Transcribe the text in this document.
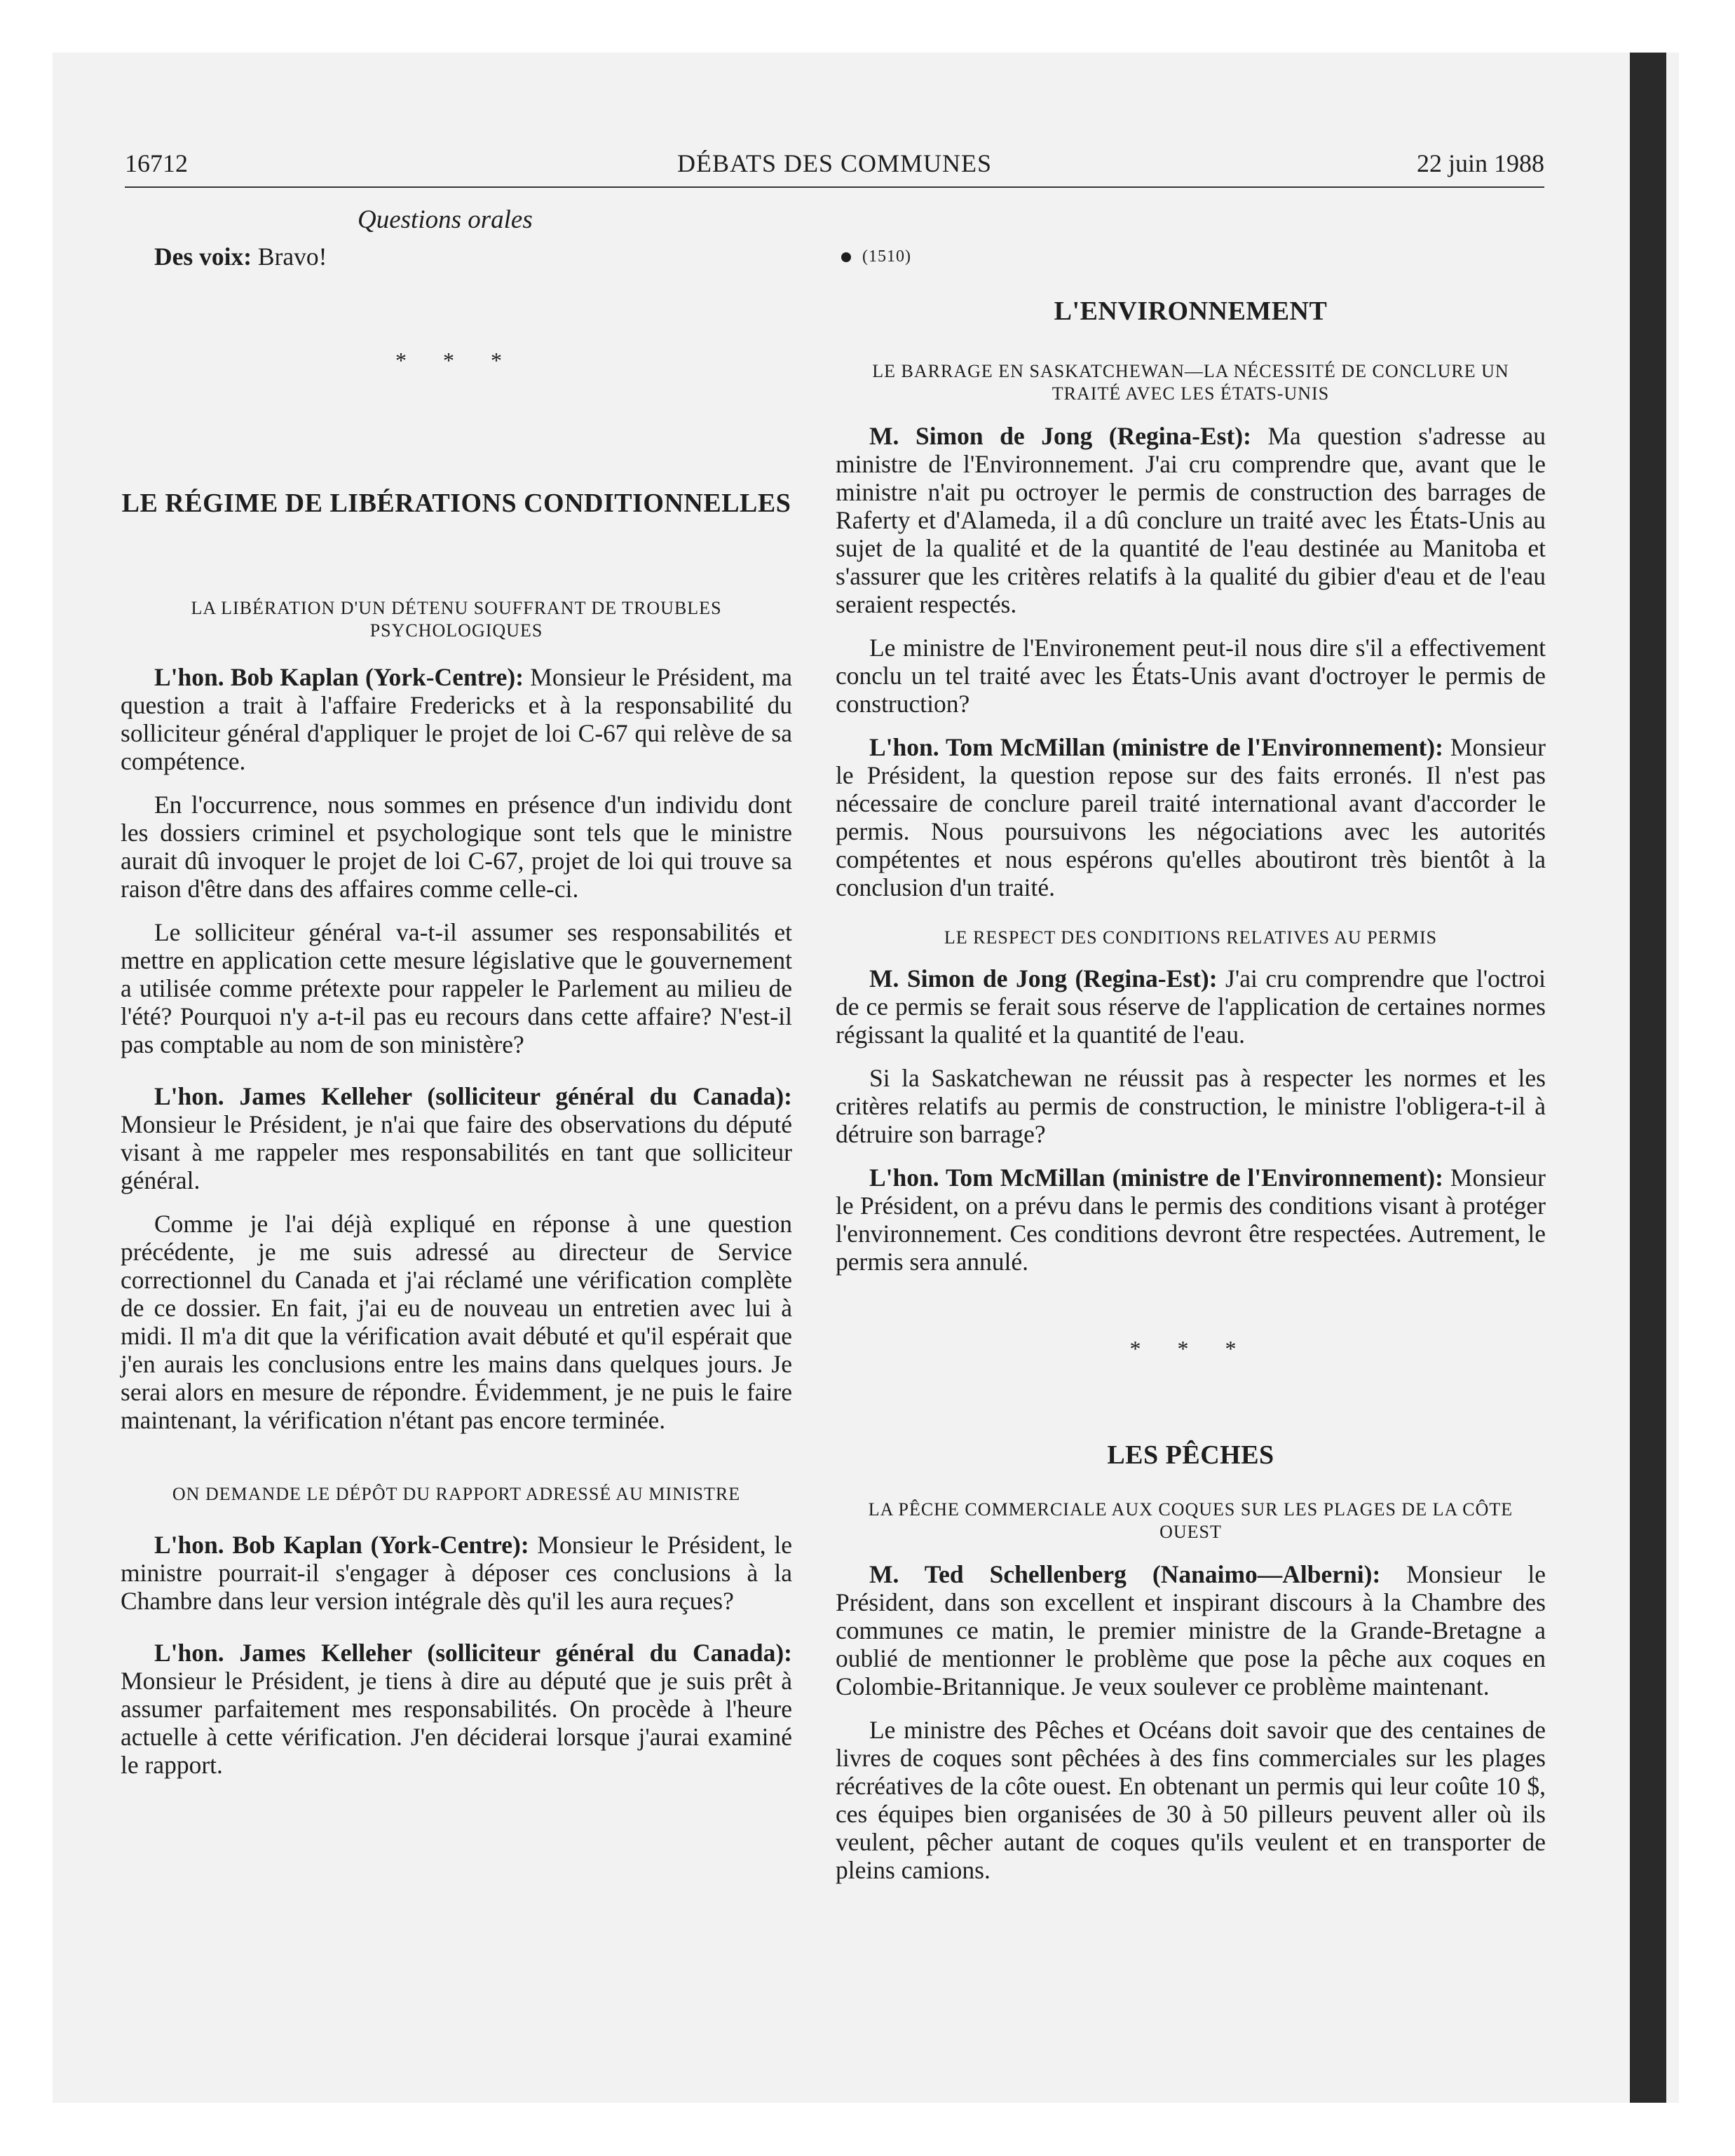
16712	DÉBATS DES COMMUNES	22 juin 1988
Questions orales

Des voix: Bravo!

* * *
LE RÉGIME DE LIBÉRATIONS CONDITIONNELLES
LA LIBÉRATION D'UN DÉTENU SOUFFRANT DE TROUBLES PSYCHOLOGIQUES

L'hon. Bob Kaplan (York-Centre): Monsieur le Président, ma question a trait à l'affaire Fredericks et à la responsabilité du solliciteur général d'appliquer le projet de loi C-67 qui relève de sa compétence.

En l'occurrence, nous sommes en présence d'un individu dont les dossiers criminel et psychologique sont tels que le ministre aurait dû invoquer le projet de loi C-67, projet de loi qui trouve sa raison d'être dans des affaires comme celle-ci.

Le solliciteur général va-t-il assumer ses responsabilités et mettre en application cette mesure législative que le gouvernement a utilisée comme prétexte pour rappeler le Parlement au milieu de l'été? Pourquoi n'y a-t-il pas eu recours dans cette affaire? N'est-il pas comptable au nom de son ministère?

L'hon. James Kelleher (solliciteur général du Canada): Monsieur le Président, je n'ai que faire des observations du député visant à me rappeler mes responsabilités en tant que solliciteur général.

Comme je l'ai déjà expliqué en réponse à une question précédente, je me suis adressé au directeur de Service correctionnel du Canada et j'ai réclamé une vérification complète de ce dossier. En fait, j'ai eu de nouveau un entretien avec lui à midi. Il m'a dit que la vérification avait débuté et qu'il espérait que j'en aurais les conclusions entre les mains dans quelques jours. Je serai alors en mesure de répondre. Évidemment, je ne puis le faire maintenant, la vérification n'étant pas encore terminée.

ON DEMANDE LE DÉPÔT DU RAPPORT ADRESSÉ AU MINISTRE

L'hon. Bob Kaplan (York-Centre): Monsieur le Président, le ministre pourrait-il s'engager à déposer ces conclusions à la Chambre dans leur version intégrale dès qu'il les aura reçues?

L'hon. James Kelleher (solliciteur général du Canada): Monsieur le Président, je tiens à dire au député que je suis prêt à assumer parfaitement mes responsabilités. On procède à l'heure actuelle à cette vérification. J'en déciderai lorsque j'aurai examiné le rapport.

(1510)
L'ENVIRONNEMENT
LE BARRAGE EN SASKATCHEWAN—LA NÉCESSITÉ DE CONCLURE UN TRAITÉ AVEC LES ÉTATS-UNIS

M. Simon de Jong (Regina-Est): Ma question s'adresse au ministre de l'Environnement. J'ai cru comprendre que, avant que le ministre n'ait pu octroyer le permis de construction des barrages de Raferty et d'Alameda, il a dû conclure un traité avec les États-Unis au sujet de la qualité et de la quantité de l'eau destinée au Manitoba et s'assurer que les critères relatifs à la qualité du gibier d'eau et de l'eau seraient respectés.

Le ministre de l'Environement peut-il nous dire s'il a effectivement conclu un tel traité avec les États-Unis avant d'octroyer le permis de construction?

L'hon. Tom McMillan (ministre de l'Environnement): Monsieur le Président, la question repose sur des faits erronés. Il n'est pas nécessaire de conclure pareil traité international avant d'accorder le permis. Nous poursuivons les négociations avec les autorités compétentes et nous espérons qu'elles aboutiront très bientôt à la conclusion d'un traité.

LE RESPECT DES CONDITIONS RELATIVES AU PERMIS

M. Simon de Jong (Regina-Est): J'ai cru comprendre que l'octroi de ce permis se ferait sous réserve de l'application de certaines normes régissant la qualité et la quantité de l'eau.

Si la Saskatchewan ne réussit pas à respecter les normes et les critères relatifs au permis de construction, le ministre l'obligera-t-il à détruire son barrage?

L'hon. Tom McMillan (ministre de l'Environnement): Monsieur le Président, on a prévu dans le permis des conditions visant à protéger l'environnement. Ces conditions devront être respectées. Autrement, le permis sera annulé.

* * *
LES PÊCHES
LA PÊCHE COMMERCIALE AUX COQUES SUR LES PLAGES DE LA CÔTE OUEST

M. Ted Schellenberg (Nanaimo—Alberni): Monsieur le Président, dans son excellent et inspirant discours à la Chambre des communes ce matin, le premier ministre de la Grande-Bretagne a oublié de mentionner le problème que pose la pêche aux coques en Colombie-Britannique. Je veux soulever ce problème maintenant.

Le ministre des Pêches et Océans doit savoir que des centaines de livres de coques sont pêchées à des fins commerciales sur les plages récréatives de la côte ouest. En obtenant un permis qui leur coûte 10 $, ces équipes bien organisées de 30 à 50 pilleurs peuvent aller où ils veulent, pêcher autant de coques qu'ils veulent et en transporter de pleins camions.
